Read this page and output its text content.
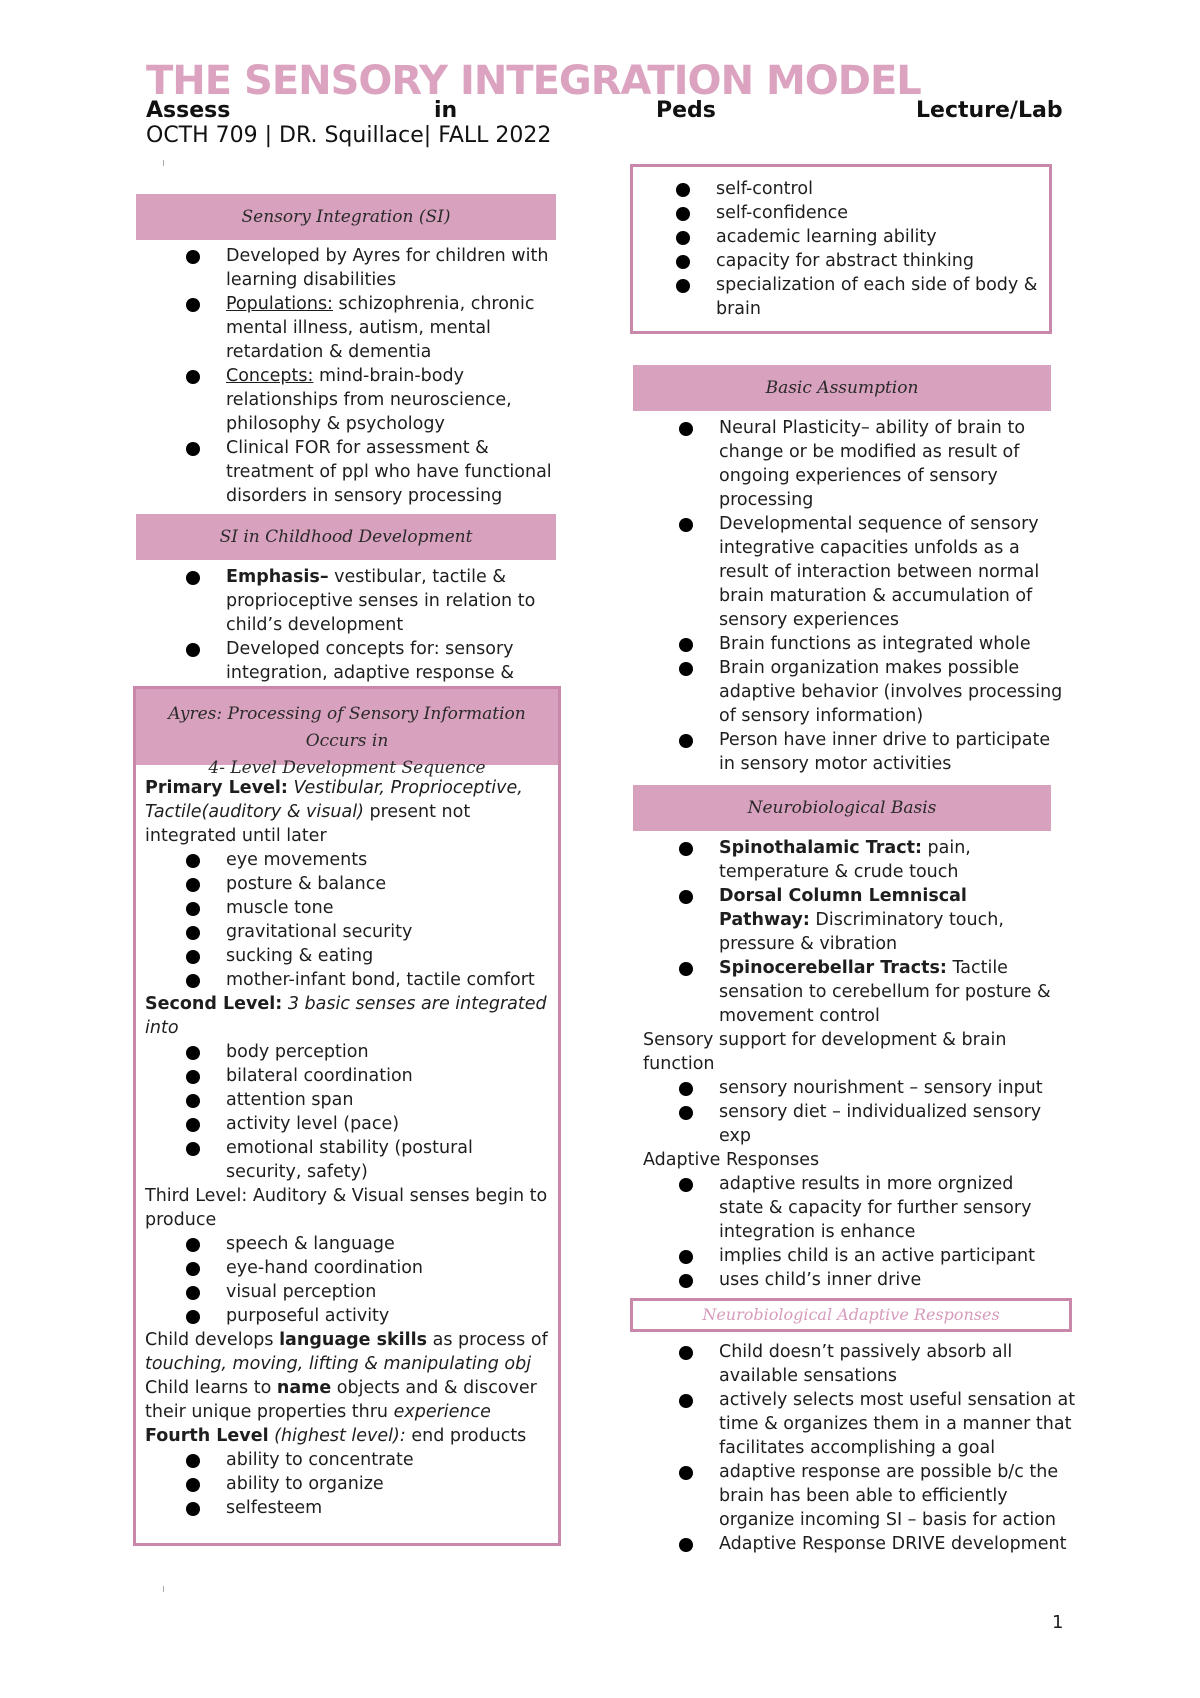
THE SENSORY INTEGRATION MODEL
Assess	in	Peds	Lecture/Lab
OCTH 709 | DR. Squillace| FALL 2022
Sensory Integration (SI)
Developed by Ayres for children with learning disabilities
Populations: schizophrenia, chronic mental illness, autism, mental retardation & dementia
Concepts: mind-brain-body relationships from neuroscience, philosophy & psychology
Clinical FOR for assessment & treatment of ppl who have functional disorders in sensory processing
SI in Childhood Development
Emphasis– vestibular, tactile & proprioceptive senses in relation to child’s development
Developed concepts for: sensory integration, adaptive response &
Ayres: Processing of Sensory Information Occurs in
4- Level Development Sequence

Primary Level: Vestibular, Proprioceptive, Tactile(auditory & visual) present not integrated until later

eye movements
posture & balance
muscle tone
gravitational security
sucking & eating
mother-infant bond, tactile comfort

Second Level: 3 basic senses are integrated into

body perception
bilateral coordination
attention span
activity level (pace)
emotional stability (postural security, safety)

Third Level: Auditory & Visual senses begin to produce

speech & language
eye-hand coordination
visual perception
purposeful activity

Child develops language skills as process of touching, moving, lifting & manipulating obj

Child learns to name objects and & discover their unique properties thru experience

Fourth Level (highest level): end products

ability to concentrate
ability to organize
selfesteem
self-control
self-confidence
academic learning ability
capacity for abstract thinking
specialization of each side of body & brain
Basic Assumption
Neural Plasticity– ability of brain to change or be modified as result of ongoing experiences of sensory processing
Developmental sequence of sensory integrative capacities unfolds as a result of interaction between normal brain maturation & accumulation of sensory experiences
Brain functions as integrated whole
Brain organization makes possible adaptive behavior (involves processing of sensory information)
Person have inner drive to participate in sensory motor activities
Neurobiological Basis
Spinothalamic Tract: pain, temperature & crude touch
Dorsal Column Lemniscal Pathway: Discriminatory touch, pressure & vibration
Spinocerebellar Tracts: Tactile sensation to cerebellum for posture & movement control

Sensory support for development & brain function

sensory nourishment – sensory input
sensory diet – individualized sensory exp

Adaptive Responses

adaptive results in more orgnized state & capacity for further sensory integration is enhance
implies child is an active participant
uses child’s inner drive
Neurobiological Adaptive Responses
Child doesn’t passively absorb all available sensations
actively selects most useful sensation at time & organizes them in a manner that facilitates accomplishing a goal
adaptive response are possible b/c the brain has been able to efficiently organize incoming SI – basis for action
Adaptive Response DRIVE development
1
